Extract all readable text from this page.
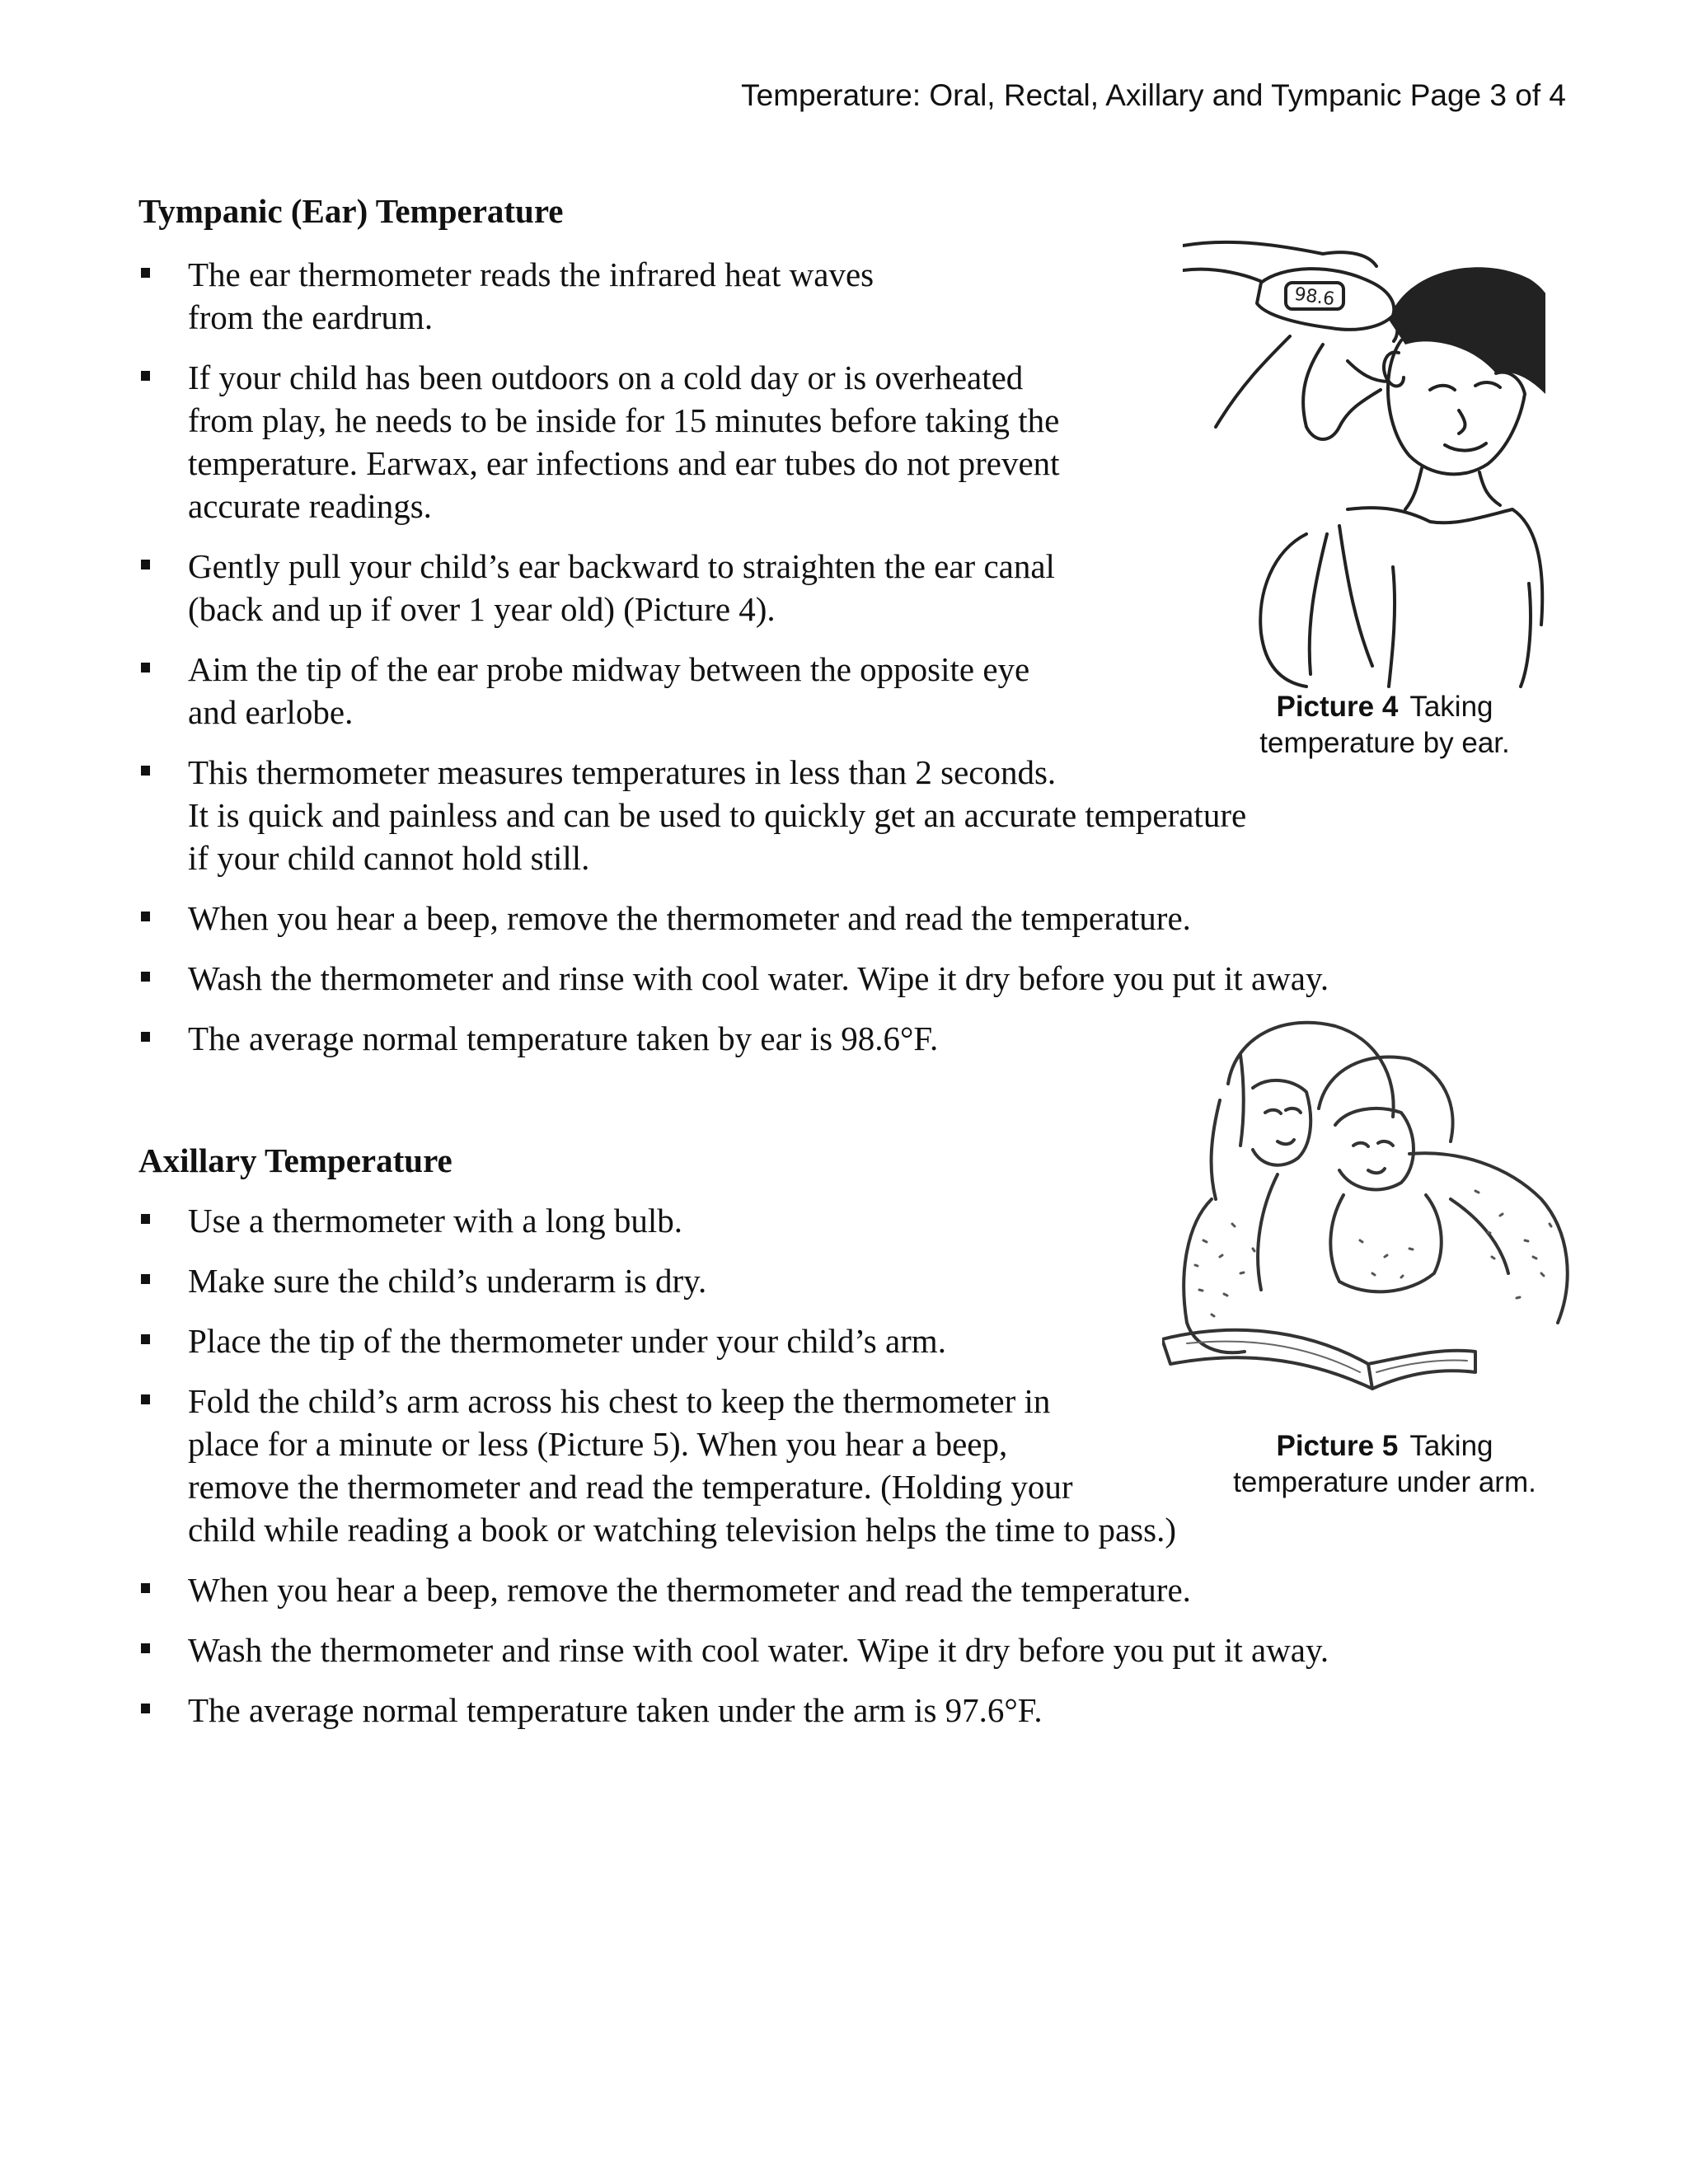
Temperature: Oral, Rectal, Axillary and Tympanic Page 3 of 4
Tympanic (Ear) Temperature
The ear thermometer reads the infrared heat waves
from the eardrum.
If your child has been outdoors on a cold day or is overheated
from play, he needs to be inside for 15 minutes before taking the
temperature. Earwax, ear infections and ear tubes do not prevent
accurate readings.
Gently pull your child’s ear backward to straighten the ear canal
(back and up if over 1 year old) (Picture 4).
Aim the tip of the ear probe midway between the opposite eye
and earlobe.
This thermometer measures temperatures in less than 2 seconds.
It is quick and painless and can be used to quickly get an accurate temperature
if your child cannot hold still.
When you hear a beep, remove the thermometer and read the temperature.
Wash the thermometer and rinse with cool water. Wipe it dry before you put it away.
The average normal temperature taken by ear is 98.6°F.
98.6
Picture 4 Taking
temperature by ear.
Axillary Temperature
Use a thermometer with a long bulb.
Make sure the child’s underarm is dry.
Place the tip of the thermometer under your child’s arm.
Fold the child’s arm across his chest to keep the thermometer in
place for a minute or less (Picture 5). When you hear a beep,
remove the thermometer and read the temperature. (Holding your
child while reading a book or watching television helps the time to pass.)
When you hear a beep, remove the thermometer and read the temperature.
Wash the thermometer and rinse with cool water. Wipe it dry before you put it away.
The average normal temperature taken under the arm is 97.6°F.
Picture 5 Taking
temperature under arm.
